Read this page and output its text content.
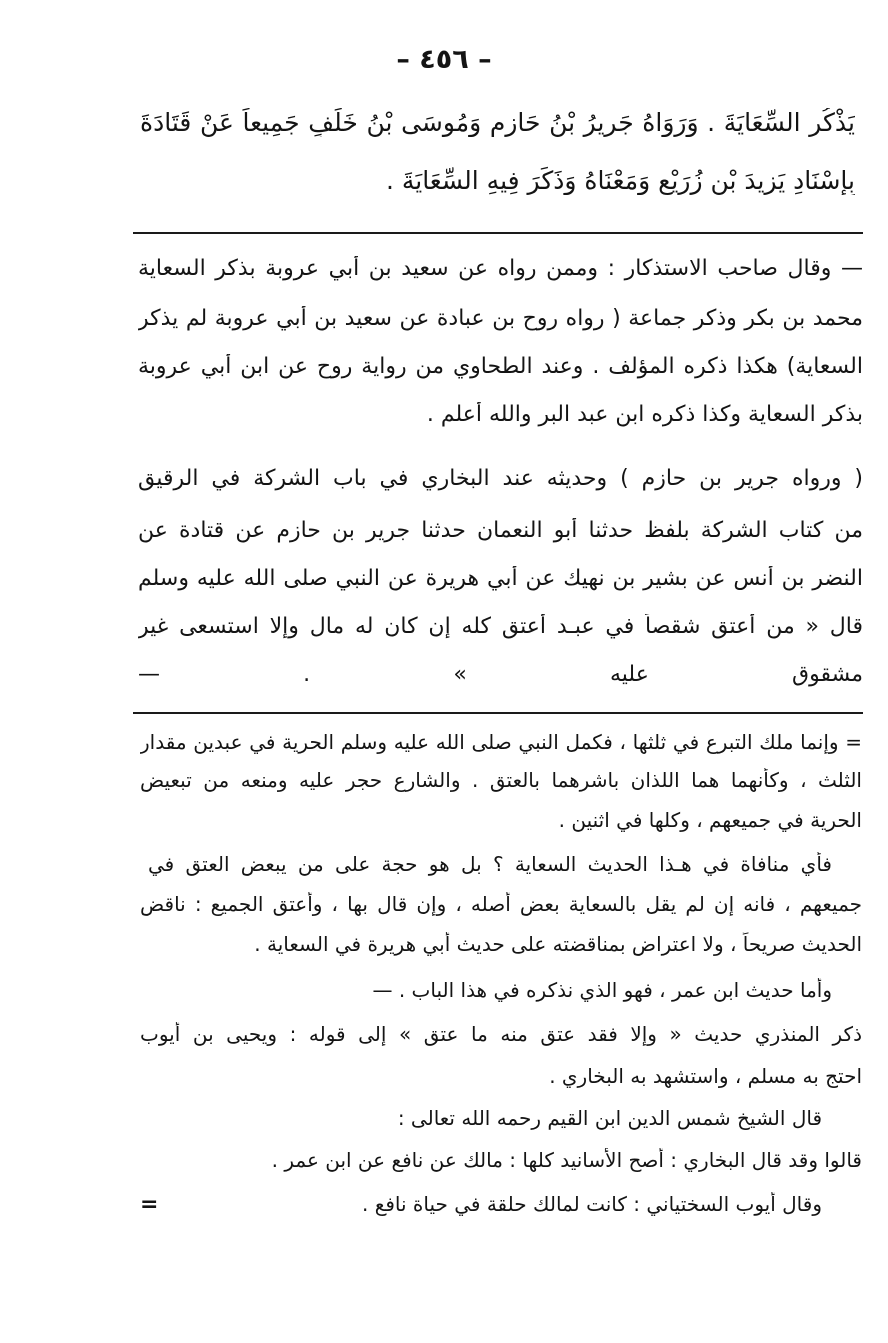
– ٤٥٦ –
يَذْكُرِ السِّعَايَةَ . وَرَوَاهُ جَرِيرُ بْنُ حَازِمٍ وَمُوسَى بْنُ خَلَفٍ جَمِيعاً عَنْ قَتَادَةَ
بِإِسْنَادِ يَزِيدَ بْنِ زُرَيْعٍ وَمَعْنَاهُ وَذَكَرَ فِيهِ السِّعَايَةَ .
— وقال صاحب الاستذكار : وممن رواه عن سعيد بن أبي عروبة بذكر السعاية
محمد بن بكر وذكر جماعة ( رواه روح بن عبادة عن سعيد بن أبي عروبة لم يذكر
السعاية) هكذا ذكره المؤلف . وعند الطحاوي من رواية روح عن ابن أبي عروبة
بذكر السعاية وكذا ذكره ابن عبد البر والله أعلم .
( ورواه جرير بن حازم ) وحديثه عند البخاري في باب الشركة في الرقيق
من كتاب الشركة بلفظ حدثنا أبو النعمان حدثنا جرير بن حازم عن قتادة عن
النضر بن أنس عن بشير بن نهيك عن أبي هريرة عن النبي صلى الله عليه وسلم
قال « من أعتق شقصاً في عبـد أعتق كله إن كان له مال وإلا استسعى غير
مشقوق عليه » . —
= وإنما ملك التبرع في ثلثها ، فكمل النبي صلى الله عليه وسلم الحرية في عبدين مقدار
الثلث ، وكأنهما هما اللذان باشرهما بالعتق . والشارع حجر عليه ومنعه من تبعيض
الحرية في جميعهم ، وكلها في اثنين .
فأي منافاة في هـذا الحديث السعاية ؟ بل هو حجة على من يبعض العتق في
جميعهم ، فانه إن لم يقل بالسعاية بعض أصله ، وإن قال بها ، وأعتق الجميع : ناقض
الحديث صريحاً ، ولا اعتراض بمناقضته على حديث أبي هريرة في السعاية .
وأما حديث ابن عمر ، فهو الذي نذكره في هذا الباب . —
ذكر المنذري حديث « وإلا فقد عتق منه ما عتق » إلى قوله : ويحيى بن أيوب
احتج به مسلم ، واستشهد به البخاري .
قال الشيخ شمس الدين ابن القيم رحمه الله تعالى :
قالوا وقد قال البخاري : أصح الأسانيد كلها : مالك عن نافع عن ابن عمر .
وقال أيوب السختياني : كانت لمالك حلقة في حياة نافع .
=
